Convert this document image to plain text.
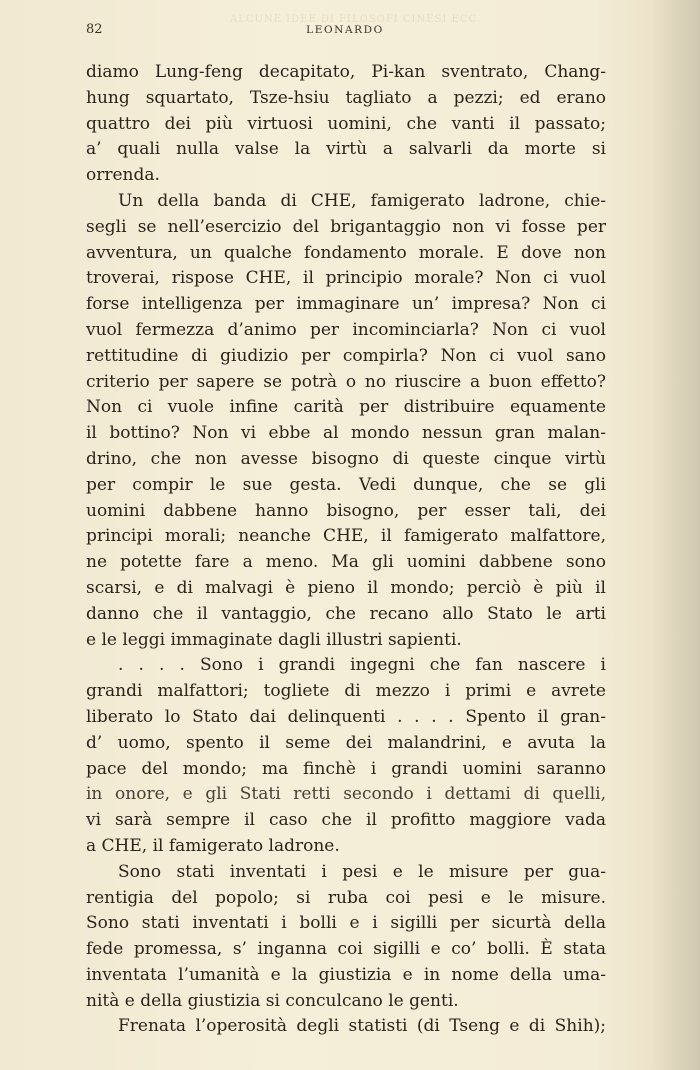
ALCUNE IDEE DI FILOSOFI CINESI ECC.
82	LEONARDO
diamo Lung-feng decapitato, Pi-kan sventrato, Chang-
hung squartato, Tsze-hsiu tagliato a pezzi; ed erano
quattro dei più virtuosi uomini, che vanti il passato;
a’ quali nulla valse la virtù a salvarli da morte si
orrenda.
Un della banda di CHE, famigerato ladrone, chie-
segli se nell’esercizio del brigantaggio non vi fosse per
avventura, un qualche fondamento morale. E dove non
troverai, rispose CHE, il principio morale? Non ci vuol
forse intelligenza per immaginare un’ impresa? Non ci
vuol fermezza d’animo per incominciarla? Non ci vuol
rettitudine di giudizio per compirla? Non ci vuol sano
criterio per sapere se potrà o no riuscire a buon effetto?
Non ci vuole infine carità per distribuire equamente
il bottino? Non vi ebbe al mondo nessun gran malan-
drino, che non avesse bisogno di queste cinque virtù
per compir le sue gesta. Vedi dunque, che se gli
uomini dabbene hanno bisogno, per esser tali, dei
principi morali; neanche CHE, il famigerato malfattore,
ne potette fare a meno. Ma gli uomini dabbene sono
scarsi, e di malvagi è pieno il mondo; perciò è più il
danno che il vantaggio, che recano allo Stato le arti
e le leggi immaginate dagli illustri sapienti.
. . . . Sono i grandi ingegni che fan nascere i
grandi malfattori; togliete di mezzo i primi e avrete
liberato lo Stato dai delinquenti . . . . Spento il gran-
d’ uomo, spento il seme dei malandrini, e avuta la
pace del mondo; ma finchè i grandi uomini saranno
in onore, e gli Stati retti secondo i dettami di quelli,
vi sarà sempre il caso che il profitto maggiore vada
a CHE, il famigerato ladrone.
Sono stati inventati i pesi e le misure per gua-
rentigia del popolo; si ruba coi pesi e le misure.
Sono stati inventati i bolli e i sigilli per sicurtà della
fede promessa, s’ inganna coi sigilli e co’ bolli. È stata
inventata l’umanità e la giustizia e in nome della uma-
nità e della giustizia si conculcano le genti.
Frenata l’operosità degli statisti (di Tseng e di Shih);
